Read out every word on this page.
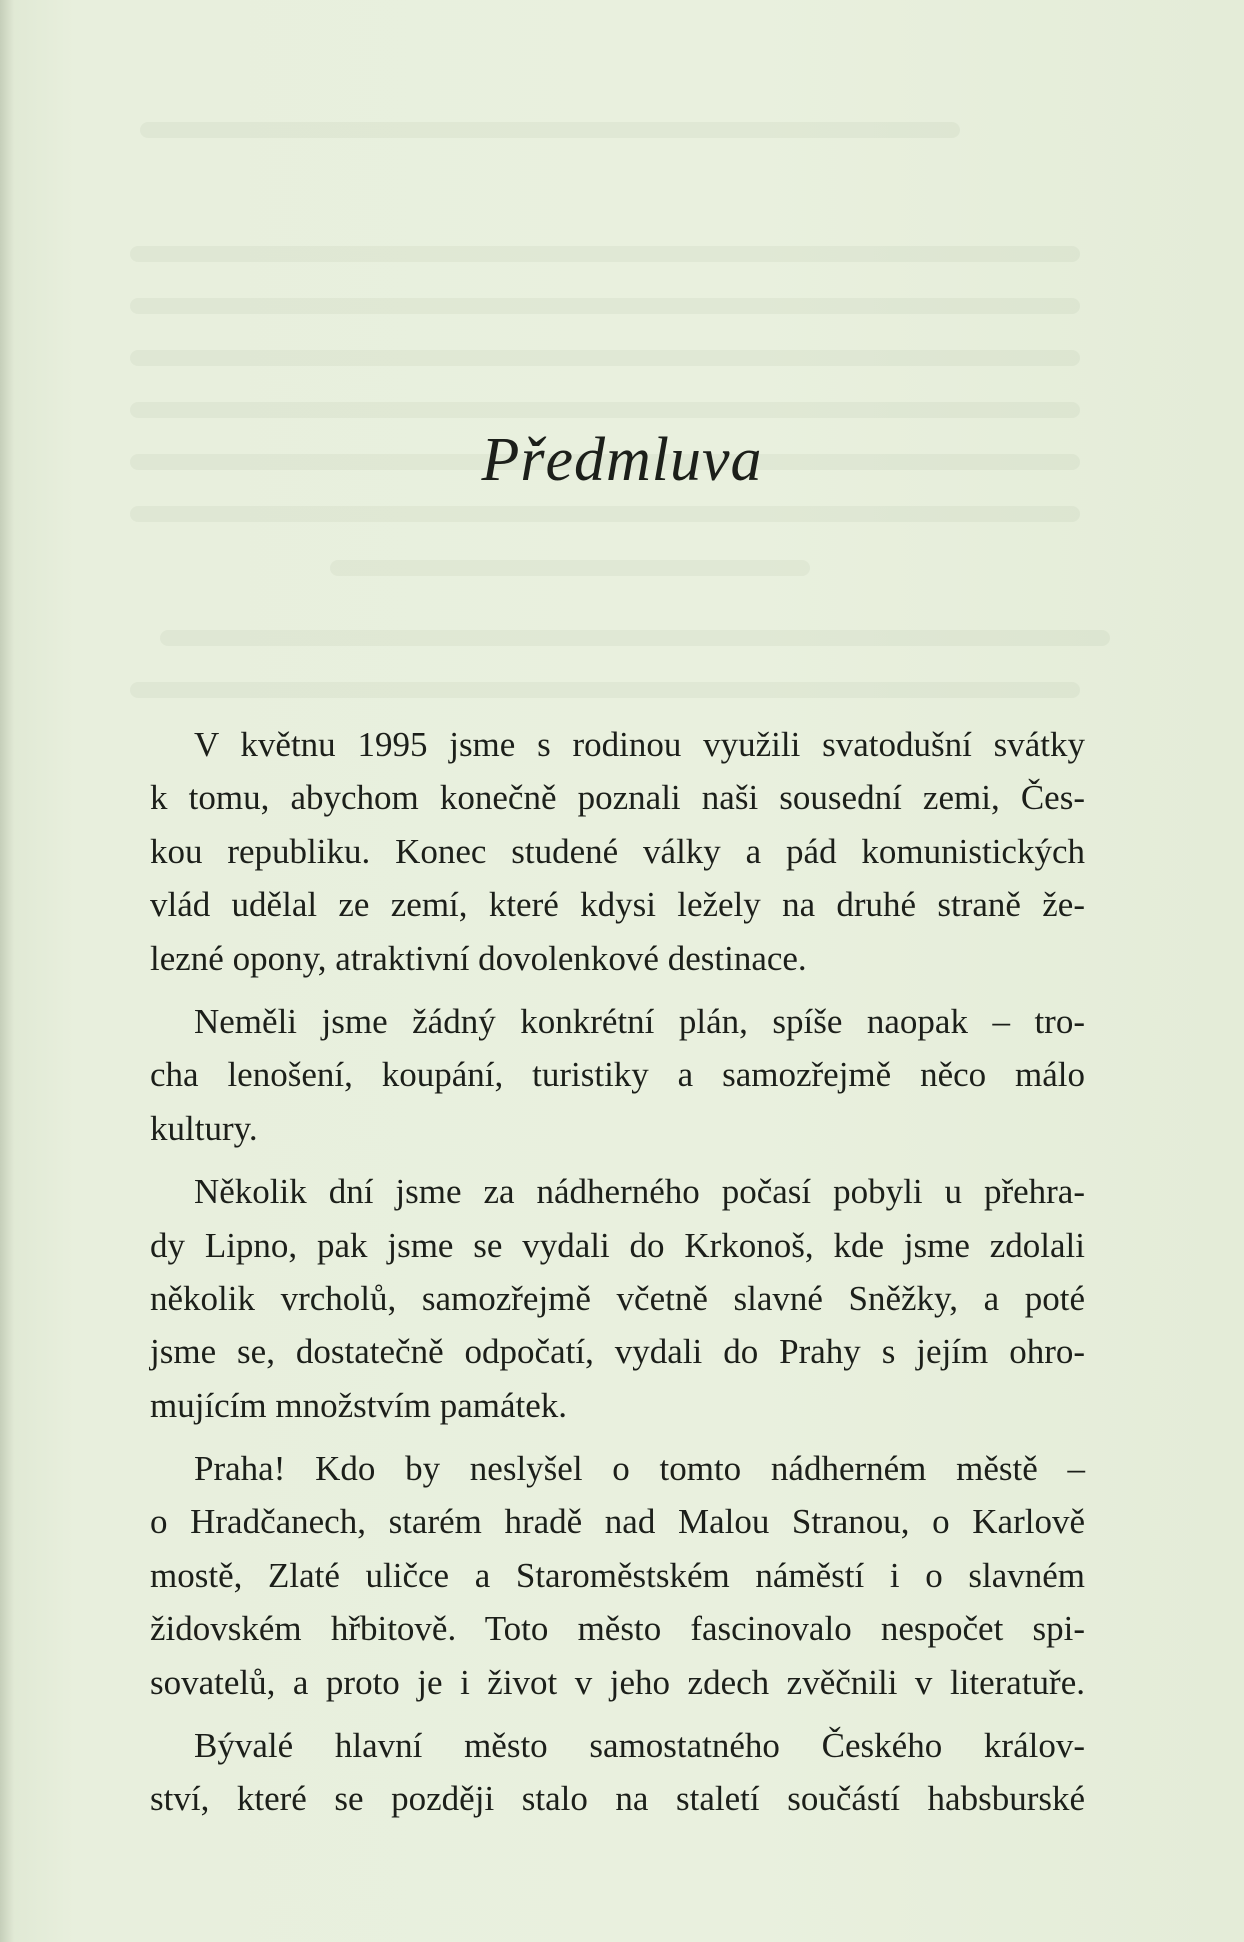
Předmluva
V květnu 1995 jsme s rodinou využili svatodušní svátky
k tomu, abychom konečně poznali naši sousední zemi, Čes-
kou republiku. Konec studené války a pád komunistických
vlád udělal ze zemí, které kdysi ležely na druhé straně že-
lezné opony, atraktivní dovolenkové destinace.
Neměli jsme žádný konkrétní plán, spíše naopak – tro-
cha lenošení, koupání, turistiky a samozřejmě něco málo
kultury.
Několik dní jsme za nádherného počasí pobyli u přehra-
dy Lipno, pak jsme se vydali do Krkonoš, kde jsme zdolali
několik vrcholů, samozřejmě včetně slavné Sněžky, a poté
jsme se, dostatečně odpočatí, vydali do Prahy s jejím ohro-
mujícím množstvím památek.
Praha! Kdo by neslyšel o tomto nádherném městě –
o Hradčanech, starém hradě nad Malou Stranou, o Karlově
mostě, Zlaté uličce a Staroměstském náměstí i o slavném
židovském hřbitově. Toto město fascinovalo nespočet spi-
sovatelů, a proto je i život v jeho zdech zvěčnili v literatuře.
Bývalé hlavní město samostatného Českého králov-
ství, které se později stalo na staletí součástí habsburské
